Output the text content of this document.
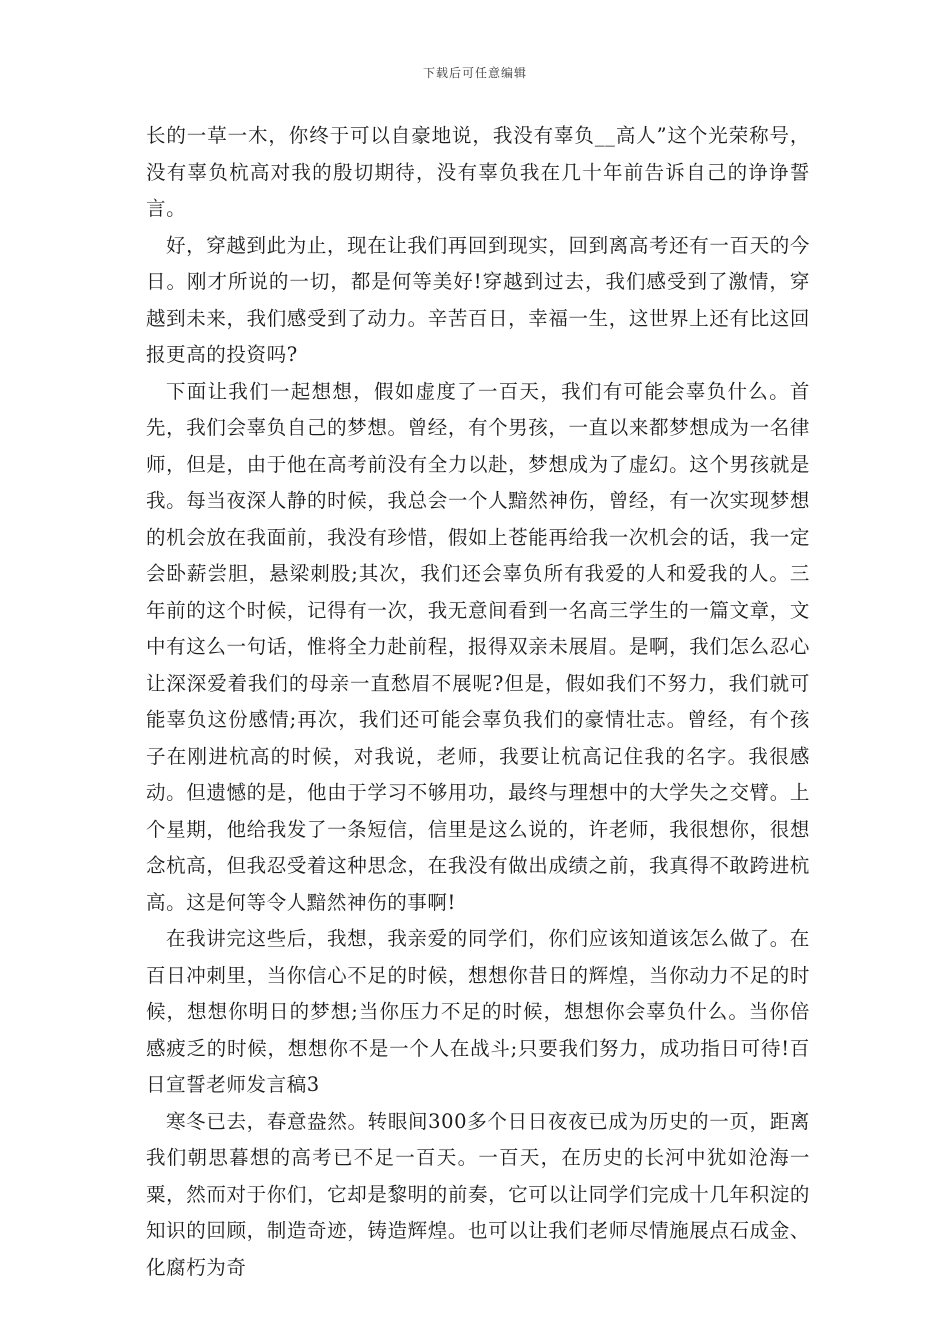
下载后可任意编辑

长的一草一木，你终于可以自豪地说，我没有辜负__高人”这个光荣称号，没有辜负杭高对我的殷切期待，没有辜负我在几十年前告诉自己的诤诤誓言。

好，穿越到此为止，现在让我们再回到现实，回到离高考还有一百天的今日。刚才所说的一切，都是何等美好!穿越到过去，我们感受到了激情，穿越到未来，我们感受到了动力。辛苦百日，幸福一生，这世界上还有比这回报更高的投资吗?

下面让我们一起想想，假如虚度了一百天，我们有可能会辜负什么。首先，我们会辜负自己的梦想。曾经，有个男孩，一直以来都梦想成为一名律师，但是，由于他在高考前没有全力以赴，梦想成为了虚幻。这个男孩就是我。每当夜深人静的时候，我总会一个人黯然神伤，曾经，有一次实现梦想的机会放在我面前，我没有珍惜，假如上苍能再给我一次机会的话，我一定会卧薪尝胆，悬梁刺股;其次，我们还会辜负所有我爱的人和爱我的人。三年前的这个时候，记得有一次，我无意间看到一名高三学生的一篇文章，文中有这么一句话，惟将全力赴前程，报得双亲未展眉。是啊，我们怎么忍心让深深爱着我们的母亲一直愁眉不展呢?但是，假如我们不努力，我们就可能辜负这份感情;再次，我们还可能会辜负我们的豪情壮志。曾经，有个孩子在刚进杭高的时候，对我说，老师，我要让杭高记住我的名字。我很感动。但遗憾的是，他由于学习不够用功，最终与理想中的大学失之交臂。上个星期，他给我发了一条短信，信里是这么说的，许老师，我很想你，很想念杭高，但我忍受着这种思念，在我没有做出成绩之前，我真得不敢跨进杭高。这是何等令人黯然神伤的事啊!

在我讲完这些后，我想，我亲爱的同学们，你们应该知道该怎么做了。在百日冲刺里，当你信心不足的时候，想想你昔日的辉煌，当你动力不足的时候，想想你明日的梦想;当你压力不足的时候，想想你会辜负什么。当你倍感疲乏的时候，想想你不是一个人在战斗;只要我们努力，成功指日可待!百日宣誓老师发言稿3

寒冬已去，春意盎然。转眼间300多个日日夜夜已成为历史的一页，距离我们朝思暮想的高考已不足一百天。一百天，在历史的长河中犹如沧海一粟，然而对于你们，它却是黎明的前奏，它可以让同学们完成十几年积淀的知识的回顾，制造奇迹，铸造辉煌。也可以让我们老师尽情施展点石成金、化腐朽为奇
